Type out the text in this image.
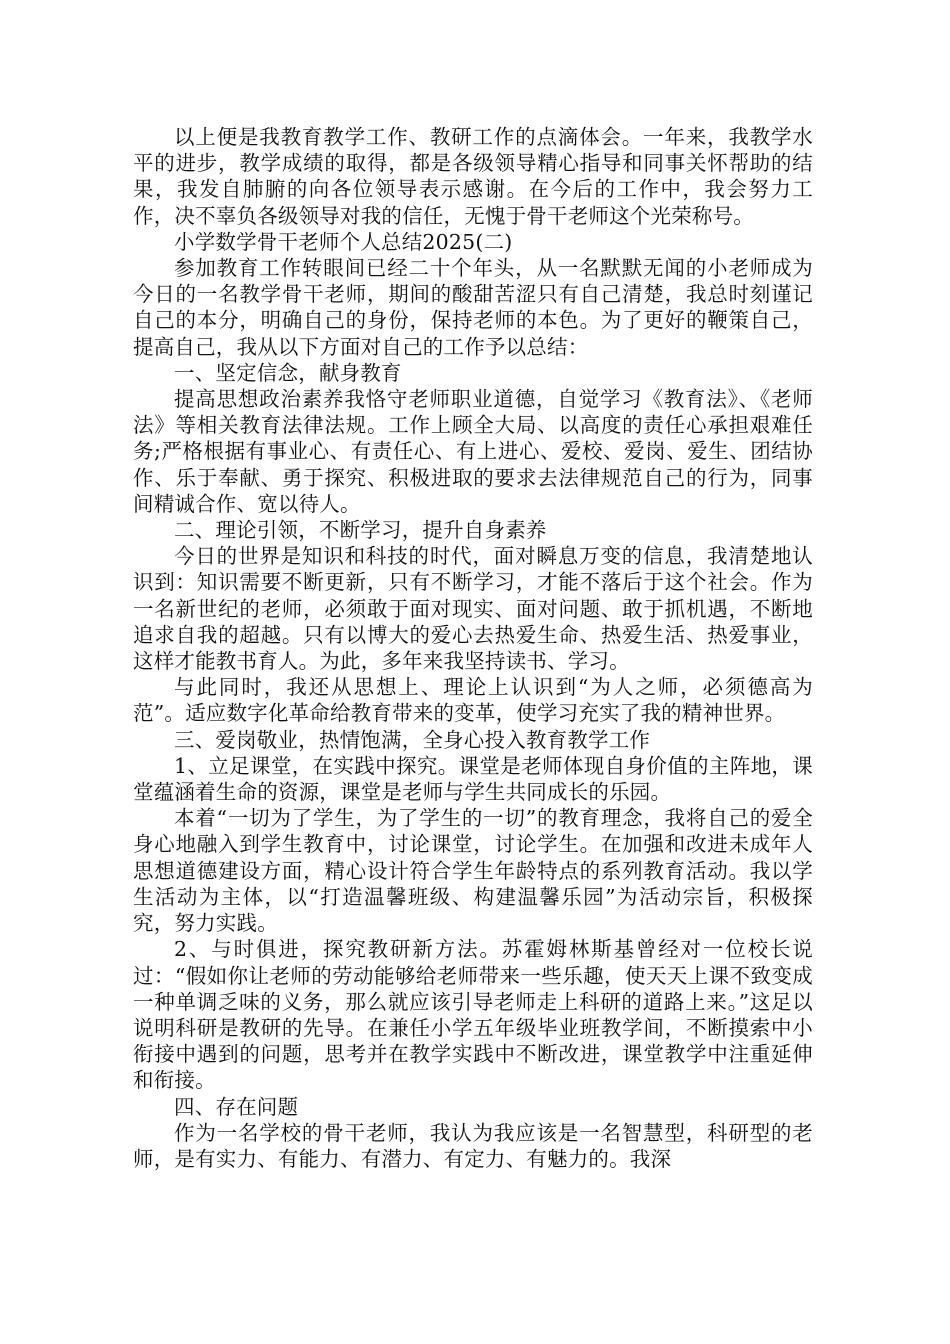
以上便是我教育教学工作、教研工作的点滴体会。一年来，我教学水平的进步，教学成绩的取得，都是各级领导精心指导和同事关怀帮助的结果，我发自肺腑的向各位领导表示感谢。在今后的工作中，我会努力工作，决不辜负各级领导对我的信任，无愧于骨干老师这个光荣称号。

小学数学骨干老师个人总结2025(二)

参加教育工作转眼间已经二十个年头，从一名默默无闻的小老师成为今日的一名教学骨干老师，期间的酸甜苦涩只有自己清楚，我总时刻谨记自己的本分，明确自己的身份，保持老师的本色。为了更好的鞭策自己，提高自己，我从以下方面对自己的工作予以总结：

一、坚定信念，献身教育

提高思想政治素养我恪守老师职业道德，自觉学习《教育法》、《老师法》等相关教育法律法规。工作上顾全大局、以高度的责任心承担艰难任务;严格根据有事业心、有责任心、有上进心、爱校、爱岗、爱生、团结协作、乐于奉献、勇于探究、积极进取的要求去法律规范自己的行为，同事间精诚合作、宽以待人。

二、理论引领，不断学习，提升自身素养

今日的世界是知识和科技的时代，面对瞬息万变的信息，我清楚地认识到：知识需要不断更新，只有不断学习，才能不落后于这个社会。作为一名新世纪的老师，必须敢于面对现实、面对问题、敢于抓机遇，不断地追求自我的超越。只有以博大的爱心去热爱生命、热爱生活、热爱事业，这样才能教书育人。为此，多年来我坚持读书、学习。

与此同时，我还从思想上、理论上认识到“为人之师，必须德高为范”。适应数字化革命给教育带来的变革，使学习充实了我的精神世界。

三、爱岗敬业，热情饱满，全身心投入教育教学工作

1、立足课堂，在实践中探究。课堂是老师体现自身价值的主阵地，课堂蕴涵着生命的资源，课堂是老师与学生共同成长的乐园。

本着“一切为了学生，为了学生的一切”的教育理念，我将自己的爱全身心地融入到学生教育中，讨论课堂，讨论学生。在加强和改进未成年人思想道德建设方面，精心设计符合学生年龄特点的系列教育活动。我以学生活动为主体，以“打造温馨班级、构建温馨乐园”为活动宗旨，积极探究，努力实践。

2、与时俱进，探究教研新方法。苏霍姆林斯基曾经对一位校长说过：“假如你让老师的劳动能够给老师带来一些乐趣，使天天上课不致变成一种单调乏味的义务，那么就应该引导老师走上科研的道路上来。”这足以说明科研是教研的先导。在兼任小学五年级毕业班教学间，不断摸索中小衔接中遇到的问题，思考并在教学实践中不断改进，课堂教学中注重延伸和衔接。

四、存在问题

作为一名学校的骨干老师，我认为我应该是一名智慧型，科研型的老师，是有实力、有能力、有潜力、有定力、有魅力的。我深
